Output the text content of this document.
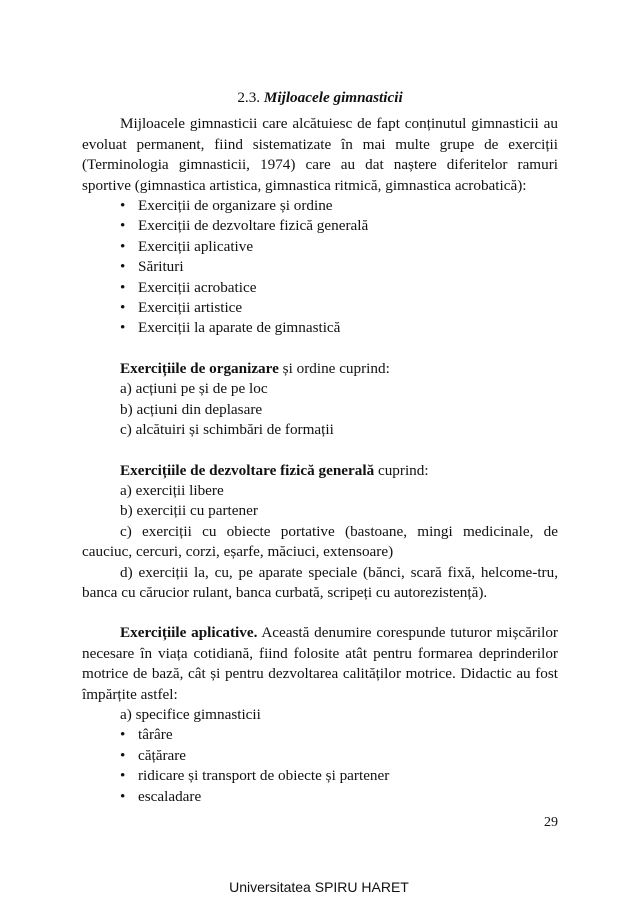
2.3. Mijloacele gimnasticii

Mijloacele gimnasticii care alcătuiesc de fapt conținutul gimnasticii au evoluat permanent, fiind sistematizate în mai multe grupe de exerciții (Terminologia gimnasticii, 1974) care au dat naștere diferitelor ramuri sportive (gimnastica artistica, gimnastica ritmică, gimnastica acrobatică):

• Exerciții de organizare și ordine
• Exerciții de dezvoltare fizică generală
• Exerciții aplicative
• Sărituri
• Exerciții acrobatice
• Exerciții artistice
• Exerciții la aparate de gimnastică

Exercițiile de organizare și ordine cuprind:

a) acțiuni pe și de pe loc

b) acțiuni din deplasare

c) alcătuiri și schimbări de formații

Exercițiile de dezvoltare fizică generală cuprind:

a) exerciții libere

b) exerciții cu partener

c) exerciții cu obiecte portative (bastoane, mingi medicinale, de cauciuc, cercuri, corzi, eșarfe, măciuci, extensoare)

d) exerciții la, cu, pe aparate speciale (bănci, scară fixă, helcome-tru, banca cu cărucior rulant, banca curbată, scripeți cu autorezistență).

Exercițiile aplicative. Această denumire corespunde tuturor mișcărilor necesare în viața cotidiană, fiind folosite atât pentru formarea deprinderilor motrice de bază, cât și pentru dezvoltarea calităților motrice. Didactic au fost împărțite astfel:

a) specifice gimnasticii

• târâre
• cățărare
• ridicare și transport de obiecte și partener
• escaladare
29
Universitatea SPIRU HARET
